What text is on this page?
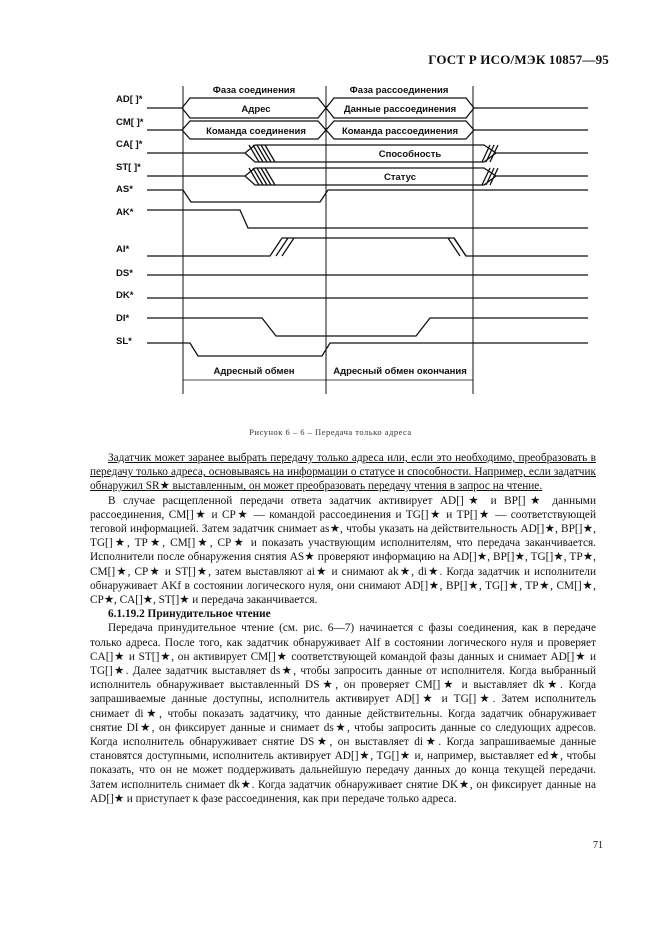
ГОСТ Р ИСО/МЭК 10857—95
Фаза соединения	Фаза рассоединения
AD[ ]*
CM[ ]*
CA[ ]*
ST[ ]*
AS*
AK*
AI*
DS*
DK*
DI*
SL*
Адрес	Данные рассоединения
Команда соединения	Команда рассоединения
Способность
Статус
Адресный обмен	Адресный обмен окончания
Рисунок 6 – 6 – Передача только адреса

Задатчик может заранее выбрать передачу только адреса или, если это необходимо, преобразовать в передачу только адреса, основываясь на информации о статусе и способности. Например, если задатчик обнаружил SR★ выставленным, он может преобразовать передачу чтения в запрос на чтение.

В случае расщепленной передачи ответа задатчик активирует AD[]★ и BP[]★ данными рассоединения, CM[]★ и CP★ — командой рассоединения и TG[]★ и TP[]★ — соответствующей теговой информацией. Затем задатчик снимает as★, чтобы указать на действительность AD[]★, BP[]★, TG[]★, TP★, CM[]★, CP★ и показать участвующим исполнителям, что передача заканчивается. Исполнители после обнаружения снятия AS★ проверяют информацию на AD[]★, BP[]★, TG[]★, TP★, CM[]★, CP★ и ST[]★, затем выставляют ai★ и снимают ak★, di★. Когда задатчик и исполнители обнаруживает AKf в состоянии логического нуля, они снимают AD[]★, BP[]★, TG[]★, TP★, CM[]★, CP★, CA[]★, ST[]★ и передача заканчивается.

6.1.19.2 Принудительное чтение

Передача принудительное чтение (см. рис. 6—7) начинается с фазы соединения, как в передаче только адреса. После того, как задатчик обнаруживает AIf в состоянии логического нуля и проверяет CA[]★ и ST[]★, он активирует CM[]★ соответствующей командой фазы данных и снимает AD[]★ и TG[]★. Далее задатчик выставляет ds★, чтобы запросить данные от исполнителя. Когда выбранный исполнитель обнаруживает выставленный DS★, он проверяет CM[]★ и выставляет dk★. Когда запрашиваемые данные доступны, исполнитель активирует AD[]★ и TG[]★. Затем исполнитель снимает di★, чтобы показать задатчику, что данные действительны. Когда задатчик обнаруживает снятие DI★, он фиксирует данные и снимает ds★, чтобы запросить данные со следующих адресов. Когда исполнитель обнаруживает снятие DS★, он выставляет di★. Когда запрашиваемые данные становятся доступными, исполнитель активирует AD[]★, TG[]★ и, например, выставляет ed★, чтобы показать, что он не может поддерживать дальнейшую передачу данных до конца текущей передачи. Затем исполнитель снимает dk★. Когда задатчик обнаруживает снятие DK★, он фиксирует данные на AD[]★ и приступает к фазе рассоединения, как при передаче только адреса.

71
